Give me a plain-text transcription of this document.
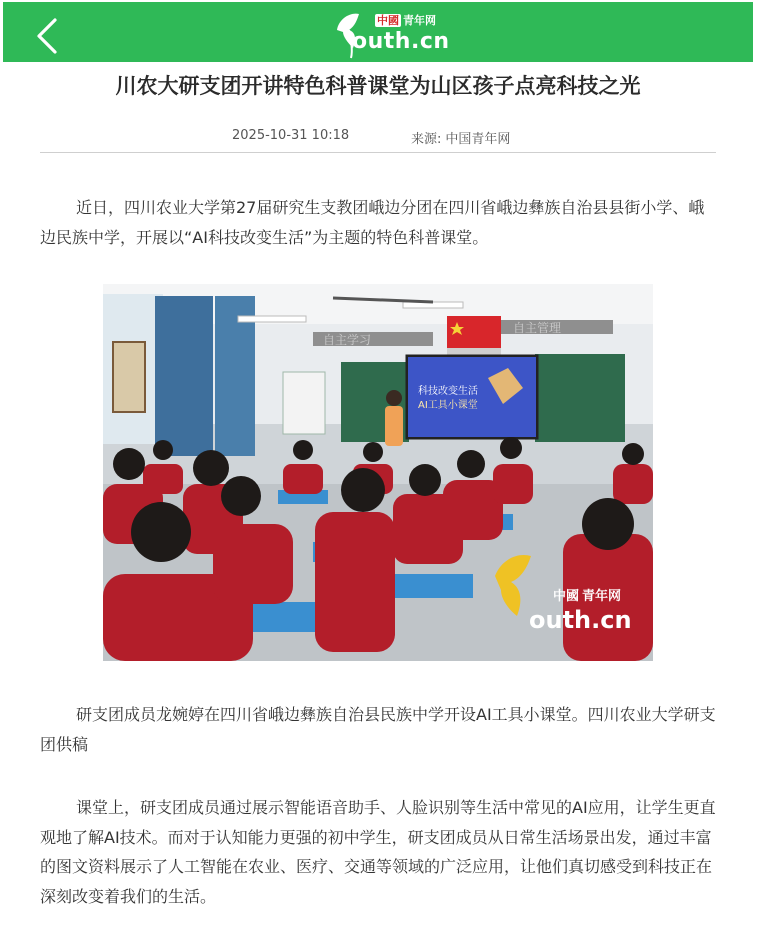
中國 青年网
outh.cn
川农大研支团开讲特色科普课堂为山区孩子点亮科技之光
2025-10-31 10:18	来源: 中国青年网

近日，四川农业大学第27届研究生支教团峨边分团在四川省峨边彝族自治县县街小学、峨边民族中学，开展以“AI科技改变生活”为主题的特色科普课堂。

自主学习
自主管理
科技改变生活
AI工具小课堂
中國 青年网
outh.cn

研支团成员龙婉婷在四川省峨边彝族自治县民族中学开设AI工具小课堂。四川农业大学研支团供稿

课堂上，研支团成员通过展示智能语音助手、人脸识别等生活中常见的AI应用，让学生更直观地了解AI技术。而对于认知能力更强的初中学生，研支团成员从日常生活场景出发，通过丰富的图文资料展示了人工智能在农业、医疗、交通等领域的广泛应用，让他们真切感受到科技正在深刻改变着我们的生活。
